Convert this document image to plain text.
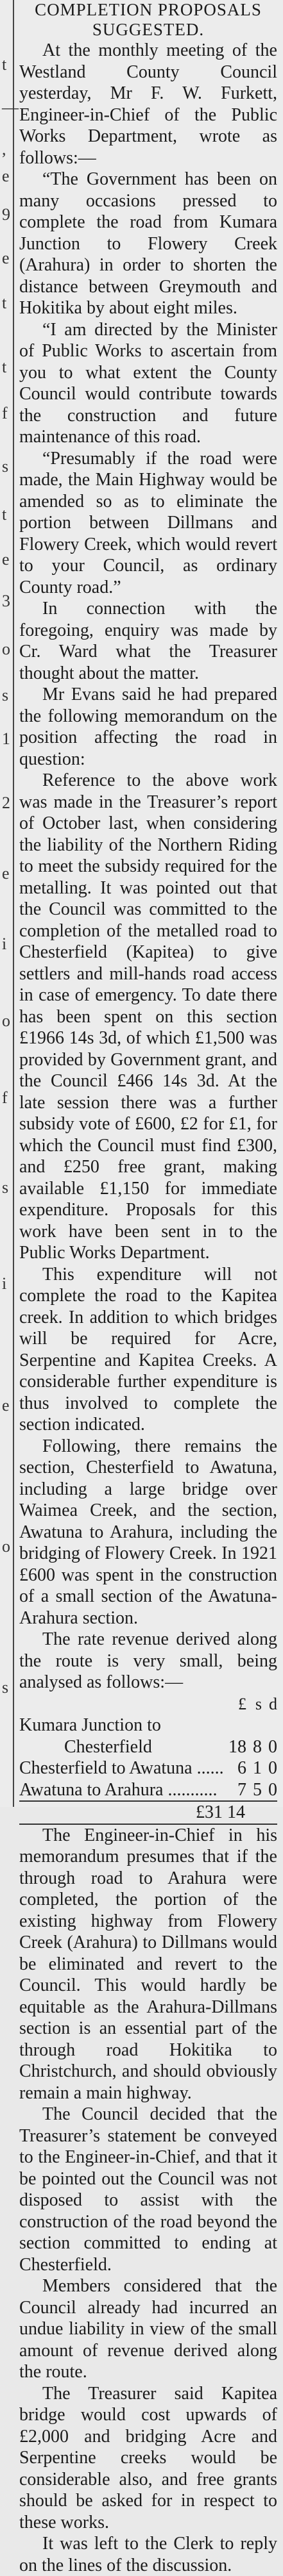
t
—
,
e
9
e
t
t
f
s
t
e
3
o
s
1
2
e
i
o
f
s
i
e
o
s

COMPLETION PROPOSALS

SUGGESTED.

At the monthly meeting of the Westland County Council yesterday, Mr F. W. Furkett, Engineer-in-Chief of the Public Works Department, wrote as follows:—

“The Government has been on many occasions pressed to complete the road from Kumara Junction to Flowery Creek (Arahura) in order to shorten the distance between Greymouth and Hokitika by about eight miles.

“I am directed by the Minister of Public Works to ascertain from you to what extent the County Council would contribute towards the construction and future maintenance of this road.

“Presumably if the road were made, the Main Highway would be amended so as to eliminate the portion between Dillmans and Flowery Creek, which would revert to your Council, as ordinary County road.”

In connection with the foregoing, enquiry was made by Cr. Ward what the Treasurer thought about the matter.

Mr Evans said he had prepared the following memorandum on the position affecting the road in question:

Reference to the above work was made in the Treasurer’s report of October last, when considering the liability of the Northern Riding to meet the subsidy required for the metalling. It was pointed out that the Council was committed to the completion of the metalled road to Chesterfield (Kapitea) to give settlers and mill-hands road access in case of emergency. To date there has been spent on this section £1966 14s 3d, of which £1,500 was provided by Government grant, and the Council £466 14s 3d. At the late session there was a further subsidy vote of £600, £2 for £1, for which the Council must find £300, and £250 free grant, making available £1,150 for immediate expenditure. Proposals for this work have been sent in to the Public Works Department.

This expenditure will not complete the road to the Kapitea creek. In addition to which bridges will be required for Acre, Serpentine and Kapitea Creeks. A considerable further expenditure is thus involved to complete the section indicated.

Following, there remains the section, Chesterfield to Awatuna, including a large bridge over Waimea Creek, and the section, Awatuna to Arahura, including the bridging of Flowery Creek. In 1921 £600 was spent in the construction of a small section of the Awatuna-Arahura section.

The rate revenue derived along the route is very small, being analysed as follows:—

	£	s	d
Kumara Junction to			
Chesterfield	18	8	0
Chesterfield to Awatuna ......	6	1	0
Awatuna to Arahura ...........	7	5	0
£31 14			

The Engineer-in-Chief in his memorandum presumes that if the through road to Arahura were completed, the portion of the existing highway from Flowery Creek (Arahura) to Dillmans would be eliminated and revert to the Council. This would hardly be equitable as the Arahura-Dillmans section is an essential part of the through road Hokitika to Christchurch, and should obviously remain a main highway.

The Council decided that the Treasurer’s statement be conveyed to the Engineer-in-Chief, and that it be pointed out the Council was not disposed to assist with the construction of the road beyond the section committed to ending at Chesterfield.

Members considered that the Council already had incurred an undue liability in view of the small amount of revenue derived along the route.

The Treasurer said Kapitea bridge would cost upwards of £2,000 and bridging Acre and Serpentine creeks would be considerable also, and free grants should be asked for in respect to these works.

It was left to the Clerk to reply on the lines of the discussion.
